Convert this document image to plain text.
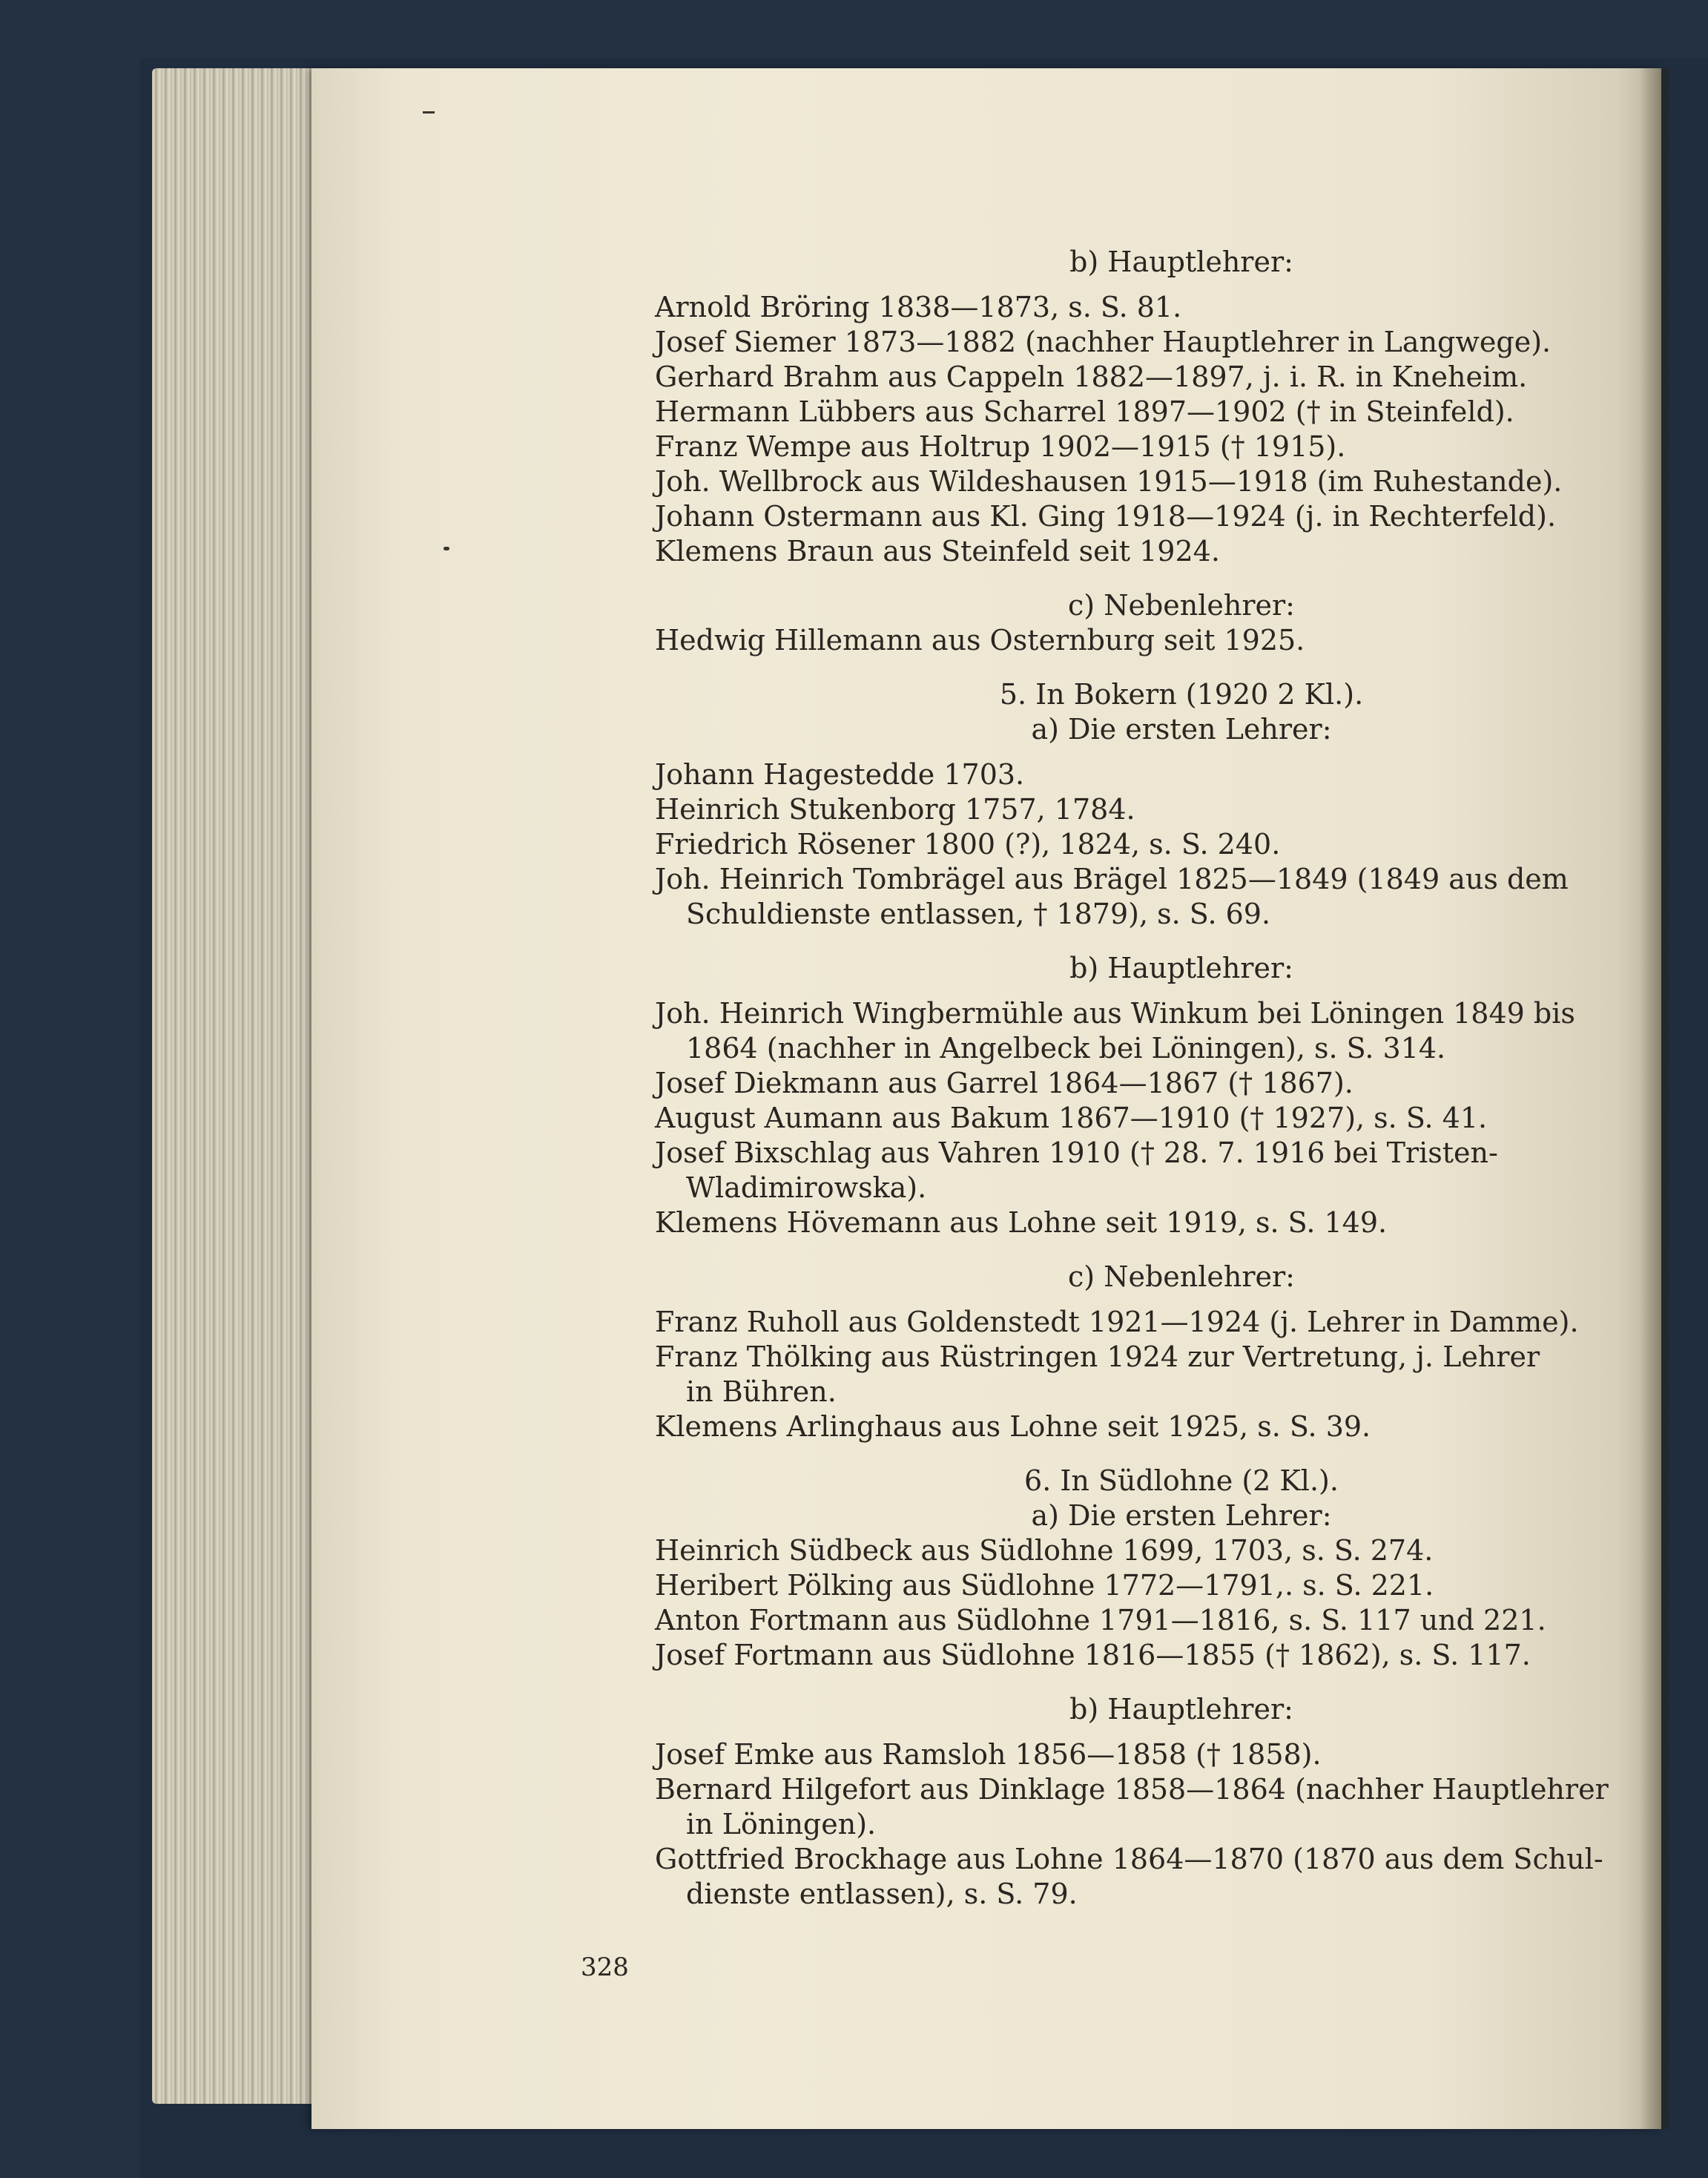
b) Hauptlehrer:

Arnold Bröring 1838—1873, s. S. 81.

Josef Siemer 1873—1882 (nachher Hauptlehrer in Langwege).

Gerhard Brahm aus Cappeln 1882—1897, j. i. R. in Kneheim.

Hermann Lübbers aus Scharrel 1897—1902 († in Steinfeld).

Franz Wempe aus Holtrup 1902—1915 († 1915).

Joh. Wellbrock aus Wildeshausen 1915—1918 (im Ruhestande).

Johann Ostermann aus Kl. Ging 1918—1924 (j. in Rechterfeld).

Klemens Braun aus Steinfeld seit 1924.

c) Nebenlehrer:

Hedwig Hillemann aus Osternburg seit 1925.

5. In Bokern (1920 2 Kl.).

a) Die ersten Lehrer:

Johann Hagestedde 1703.

Heinrich Stukenborg 1757, 1784.

Friedrich Rösener 1800 (?), 1824, s. S. 240.

Joh. Heinrich Tombrägel aus Brägel 1825—1849 (1849 aus dem

Schuldienste entlassen, † 1879), s. S. 69.

b) Hauptlehrer:

Joh. Heinrich Wingbermühle aus Winkum bei Löningen 1849 bis

1864 (nachher in Angelbeck bei Löningen), s. S. 314.

Josef Diekmann aus Garrel 1864—1867 († 1867).

August Aumann aus Bakum 1867—1910 († 1927), s. S. 41.

Josef Bixschlag aus Vahren 1910 († 28. 7. 1916 bei Tristen-

Wladimirowska).

Klemens Hövemann aus Lohne seit 1919, s. S. 149.

c) Nebenlehrer:

Franz Ruholl aus Goldenstedt 1921—1924 (j. Lehrer in Damme).

Franz Thölking aus Rüstringen 1924 zur Vertretung, j. Lehrer

in Bühren.

Klemens Arlinghaus aus Lohne seit 1925, s. S. 39.

6. In Südlohne (2 Kl.).

a) Die ersten Lehrer:

Heinrich Südbeck aus Südlohne 1699, 1703, s. S. 274.

Heribert Pölking aus Südlohne 1772—1791,. s. S. 221.

Anton Fortmann aus Südlohne 1791—1816, s. S. 117 und 221.

Josef Fortmann aus Südlohne 1816—1855 († 1862), s. S. 117.

b) Hauptlehrer:

Josef Emke aus Ramsloh 1856—1858 († 1858).

Bernard Hilgefort aus Dinklage 1858—1864 (nachher Hauptlehrer

in Löningen).

Gottfried Brockhage aus Lohne 1864—1870 (1870 aus dem Schul-

dienste entlassen), s. S. 79.

328
